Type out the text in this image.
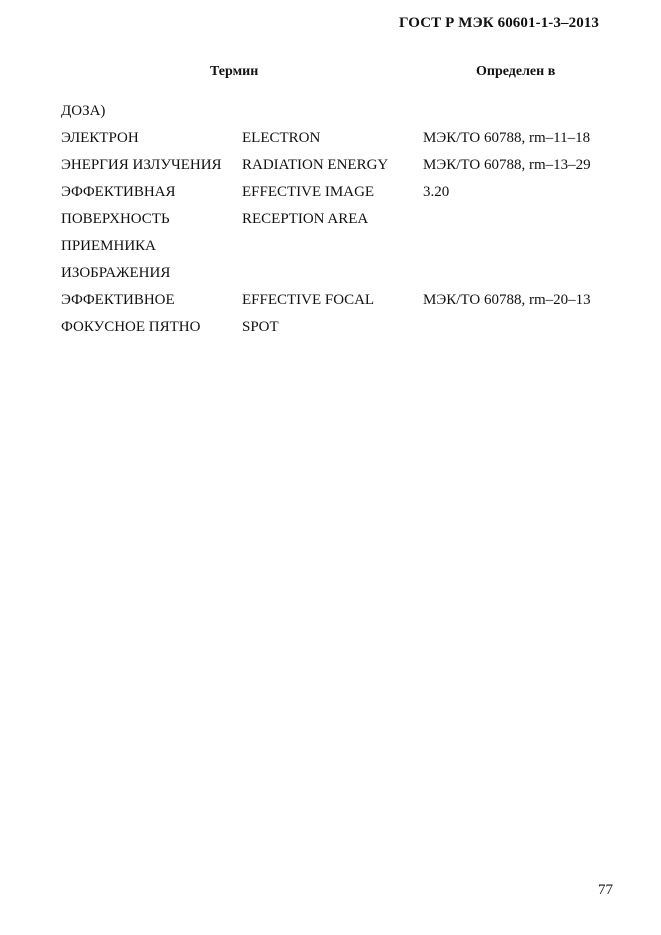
ГОСТ Р МЭК 60601-1-3–2013
Термин	Определен в
ДОЗА)
ЭЛЕКТРОН	ELECTRON	МЭК/ТО 60788, rm–11–18
ЭНЕРГИЯ ИЗЛУЧЕНИЯ RADIATION ENERGY МЭК/ТО 60788, rm–13–29
ЭФФЕКТИВНАЯ	EFFECTIVE IMAGE	3.20
ПОВЕРХНОСТЬ	RECEPTION AREA
ПРИЕМНИКА
ИЗОБРАЖЕНИЯ
ЭФФЕКТИВНОЕ	EFFECTIVE FOCAL	МЭК/ТО 60788, rm–20–13
ФОКУСНОЕ ПЯТНО	SPOT
77
